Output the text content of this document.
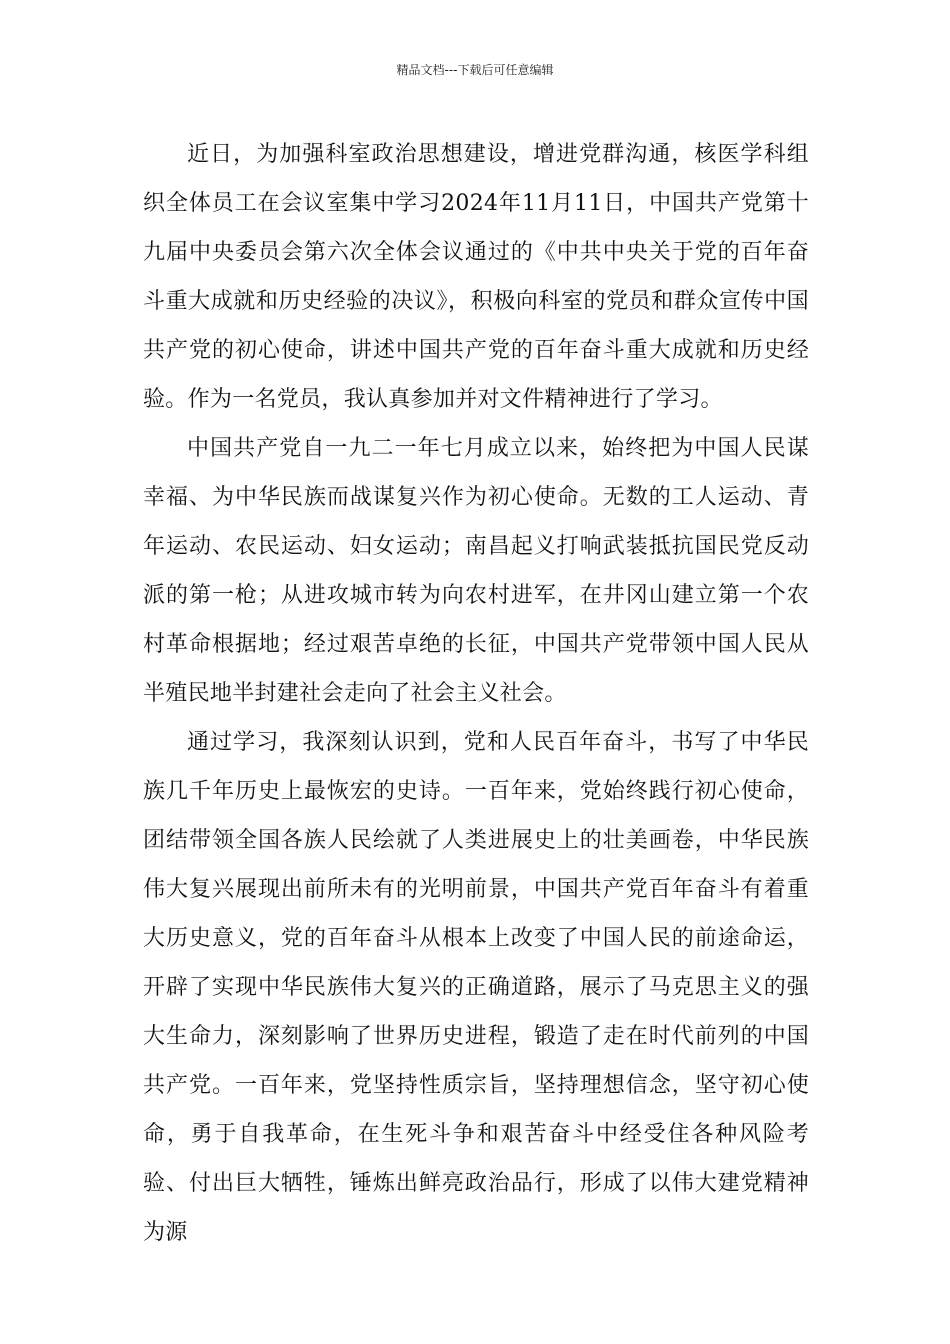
精品文档---下载后可任意编辑

近日，为加强科室政治思想建设，增进党群沟通，核医学科组织全体员工在会议室集中学习2024年11月11日，中国共产党第十九届中央委员会第六次全体会议通过的《中共中央关于党的百年奋斗重大成就和历史经验的决议》，积极向科室的党员和群众宣传中国共产党的初心使命，讲述中国共产党的百年奋斗重大成就和历史经验。作为一名党员，我认真参加并对文件精神进行了学习。

中国共产党自一九二一年七月成立以来，始终把为中国人民谋幸福、为中华民族而战谋复兴作为初心使命。无数的工人运动、青年运动、农民运动、妇女运动；南昌起义打响武装抵抗国民党反动派的第一枪；从进攻城市转为向农村进军，在井冈山建立第一个农村革命根据地；经过艰苦卓绝的长征，中国共产党带领中国人民从半殖民地半封建社会走向了社会主义社会。

通过学习，我深刻认识到，党和人民百年奋斗，书写了中华民族几千年历史上最恢宏的史诗。一百年来，党始终践行初心使命，团结带领全国各族人民绘就了人类进展史上的壮美画卷，中华民族伟大复兴展现出前所未有的光明前景，中国共产党百年奋斗有着重大历史意义，党的百年奋斗从根本上改变了中国人民的前途命运，开辟了实现中华民族伟大复兴的正确道路，展示了马克思主义的强大生命力，深刻影响了世界历史进程，锻造了走在时代前列的中国共产党。一百年来，党坚持性质宗旨，坚持理想信念，坚守初心使命，勇于自我革命，在生死斗争和艰苦奋斗中经受住各种风险考验、付出巨大牺牲，锤炼出鲜亮政治品行，形成了以伟大建党精神为源
